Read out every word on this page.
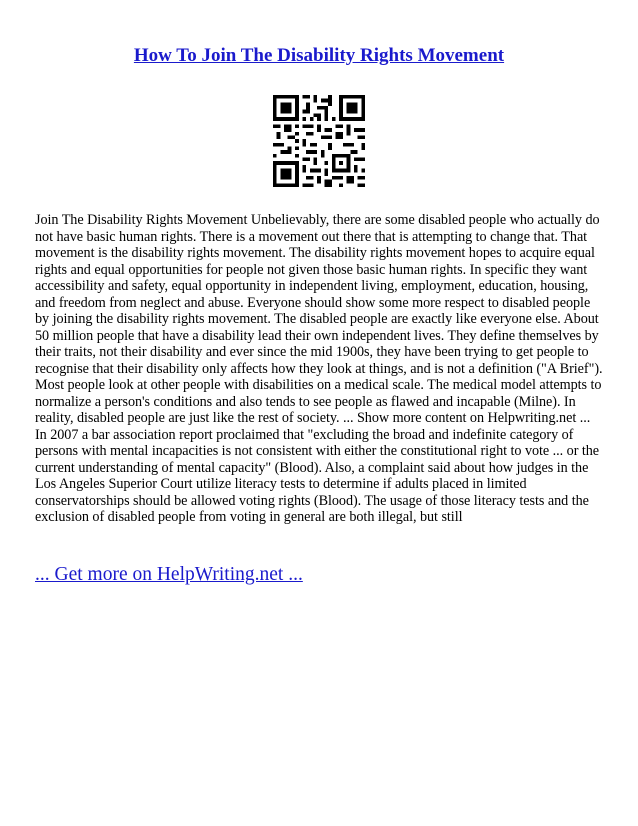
How To Join The Disability Rights Movement

Join The Disability Rights Movement Unbelievably, there are some disabled people who actually do not have basic human rights. There is a movement out there that is attempting to change that. That movement is the disability rights movement. The disability rights movement hopes to acquire equal rights and equal opportunities for people not given those basic human rights. In specific they want accessibility and safety, equal opportunity in independent living, employment, education, housing, and freedom from neglect and abuse. Everyone should show some more respect to disabled people by joining the disability rights movement. The disabled people are exactly like everyone else. About 50 million people that have a disability lead their own independent lives. They define themselves by their traits, not their disability and ever since the mid 1900s, they have been trying to get people to recognise that their disability only affects how they look at things, and is not a definition ("A Brief"). Most people look at other people with disabilities on a medical scale. The medical model attempts to normalize a person's conditions and also tends to see people as flawed and incapable (Milne). In reality, disabled people are just like the rest of society. ... Show more content on Helpwriting.net ...

In 2007 a bar association report proclaimed that "excluding the broad and indefinite category of persons with mental incapacities is not consistent with either the constitutional right to vote ... or the current understanding of mental capacity" (Blood). Also, a complaint said about how judges in the Los Angeles Superior Court utilize literacy tests to determine if adults placed in limited conservatorships should be allowed voting rights (Blood). The usage of those literacy tests and the exclusion of disabled people from voting in general are both illegal, but still

... Get more on HelpWriting.net ...
